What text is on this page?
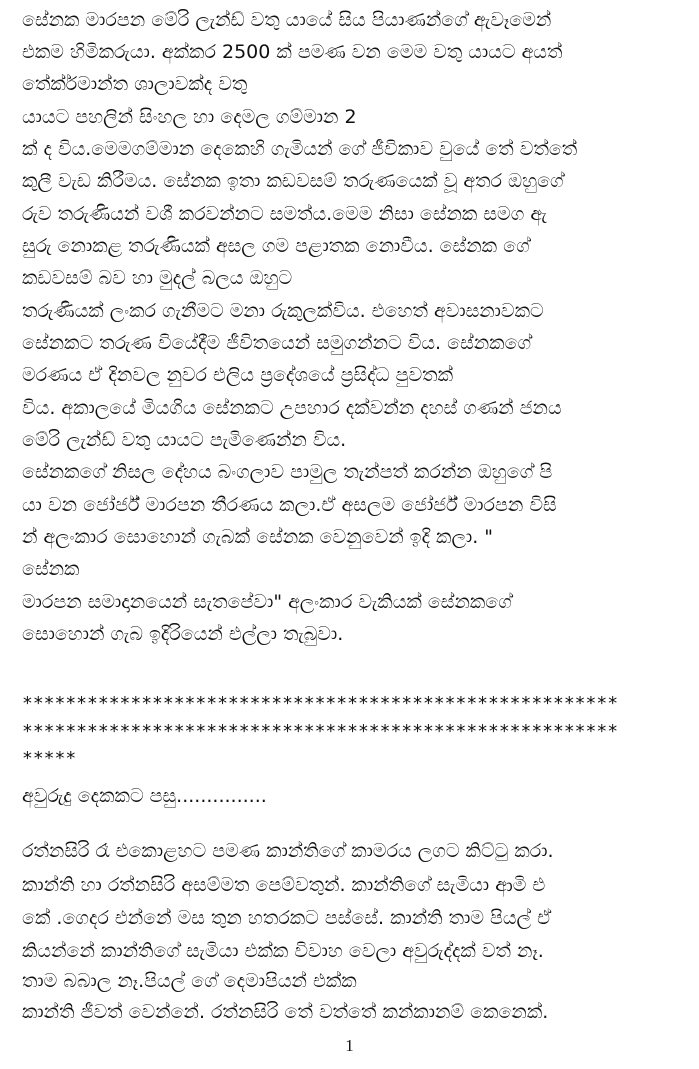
සේනක මාරපන මේරි ලැන්ඩ් වතු යායේ සිය පියාණන්ගේ ඇවෑමෙන්
එකම හිමිකරුයා. අක්කර 2500 ක් පමණ වන මෙම වතු යායට අයත්
තේක්ර්මාන්ත ශාලාවක්ද වතු
යායට පහලින් සිංහල හා දෙමල ගම්මාන 2
ක් ද විය.මෙමගම්මාන දෙකෙහි ගැමියන් ගේ ජීවිකාව වුයේ තේ වත්තේ
කුලී වැඩ කිරීමය. සේනක ඉතා කඩවසම් තරුණයෙක් වූ අතර ඔහුගේ
රුව තරුණියන් වශී කරවන්නට සමත්ය.මෙම නිසා සේනක සමග ඇ
සුරු නොකළ තරුණියක් අසල ගම පළාතක නොවීය. සේනක ගේ
කඩවසම් බව හා මුදල් බලය ඔහුට
තරුණියක් ලංකර ගැනීමට මනා රුකුලක්විය. එහෙත් අවාසනාවකට
සේනකට තරුණ වියේදීම ජීවිතයෙන් සමුගන්නට විය. සේනකගේ
මරණය ඒ දිනවල නුවර එලිය ප්‍රදේශයේ ප්‍රසිද්ධ පුවතක්
විය. අකාලයේ මියගිය සේනකට උපහාර දක්වන්න දහස් ගණන් ජනය
මේරි ලැන්ඩ් වතු යායට පැමිණෙන්න විය.
සේනකගේ නිසල දේහය බංගලාව පාමුල තැන්පත් කරන්න ඔහුගේ පි
යා වන ජෝර්ජ් මාරපන තීරණය කලා.ඒ අසලම ජෝර්ජ් මාරපන විසි
න් අලංකාර සොහොන් ගැබක් සේනක වෙනුවෙන් ඉදි කලා. "
සේනක
මාරපන සමාදානයෙන් සැතපේවා" අලංකාර වැකියක් සේනකගේ
සොහොන් ගැබ ඉදිරියෙන් එල්ලා තැබුවා.
*******************************************************
*******************************************************
*****
අවුරුදු දෙකකට පසු...............
රත්නසිරි රෑ එකොළහට පමණ කාන්තිගේ කාමරය ලගට කිට්ටු කරා.
කාන්ති හා රත්නසිරි අසම්මත පෙම්වතුන්. කාන්තිගේ සැමියා ආමි එ
කේ .ගෙදර එන්නේ මස තුන හතරකට පස්සේ. කාන්ති තාම පියල් ඒ
කියන්නේ කාන්තිගේ සැමියා එක්ක විවාහ වෙලා අවුරුද්දක් වත් නෑ.
තාම බබාල නෑ.පියල් ගේ දෙමාපියන් එක්ක
කාන්ති ජීවත් වෙන්නේ. රත්නසිරි තේ වත්තේ කන්කානම් කෙනෙක්.
1
